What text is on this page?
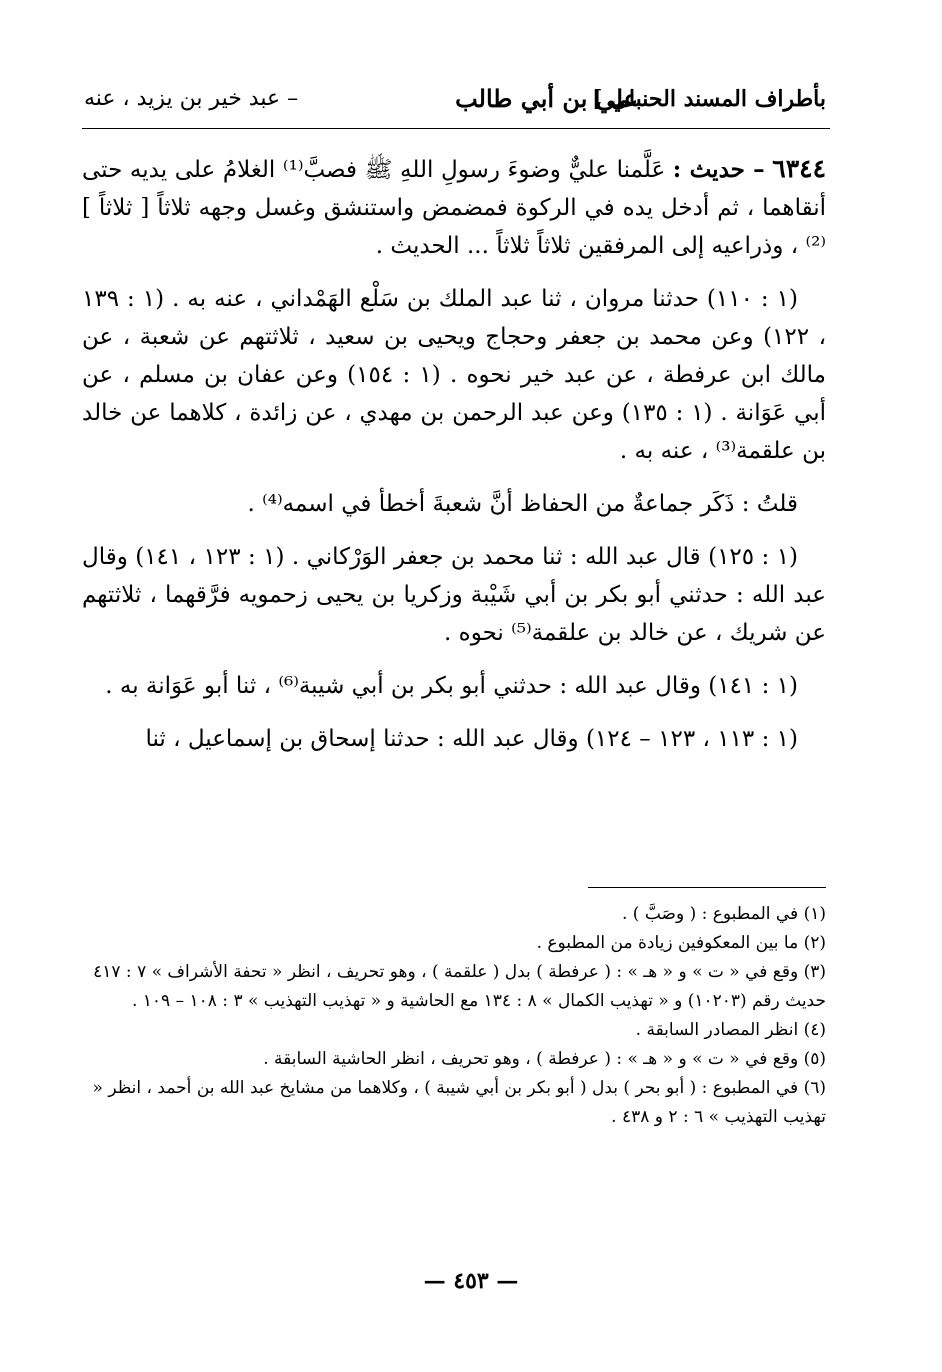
بأطراف المسند الحنبلي ]
علي بن أبي طالب
– عبد خير بن يزيد ، عنه

٦٣٤٤ – حديث : عَلَّمنا عليٌّ وضوءَ رسولِ اللهِ ﷺ فصبَّ⁽¹⁾ الغلامُ على يديه حتى أنقاهما ، ثم أدخل يده في الركوة فمضمض واستنشق وغسل وجهه ثلاثاً [ ثلاثاً ]⁽²⁾ ، وذراعيه إلى المرفقين ثلاثاً ثلاثاً ... الحديث .

(١ : ١١٠) حدثنا مروان ، ثنا عبد الملك بن سَلْع الهَمْداني ، عنه به . (١ : ١٣٩ ، ١٢٢) وعن محمد بن جعفر وحجاج ويحيى بن سعيد ، ثلاثتهم عن شعبة ، عن مالك ابن عرفطة ، عن عبد خير نحوه . (١ : ١٥٤) وعن عفان بن مسلم ، عن أبي عَوَانة . (١ : ١٣٥) وعن عبد الرحمن بن مهدي ، عن زائدة ، كلاهما عن خالد بن علقمة⁽³⁾ ، عنه به .

قلتُ : ذَكَر جماعةٌ من الحفاظ أنَّ شعبةَ أخطأ في اسمه⁽⁴⁾ .

(١ : ١٢٥) قال عبد الله : ثنا محمد بن جعفر الوَرْكاني . (١ : ١٢٣ ، ١٤١) وقال عبد الله : حدثني أبو بكر بن أبي شَيْبة وزكريا بن يحيى زحمويه فرَّقهما ، ثلاثتهم عن شريك ، عن خالد بن علقمة⁽⁵⁾ نحوه .

(١ : ١٤١) وقال عبد الله : حدثني أبو بكر بن أبي شيبة⁽⁶⁾ ، ثنا أبو عَوَانة به .

(١ : ١١٣ ، ١٢٣ – ١٢٤) وقال عبد الله : حدثنا إسحاق بن إسماعيل ، ثنا

(١) في المطبوع : ( وصَبَّ ) .

(٢) ما بين المعكوفين زيادة من المطبوع .

(٣) وقع في « ت » و « هـ » : ( عرفطة ) بدل ( علقمة ) ، وهو تحريف ، انظر « تحفة الأشراف » ٧ : ٤١٧ حديث رقم (١٠٢٠٣) و « تهذيب الكمال » ٨ : ١٣٤ مع الحاشية و « تهذيب التهذيب » ٣ : ١٠٨ – ١٠٩ .

(٤) انظر المصادر السابقة .

(٥) وقع في « ت » و « هـ » : ( عرفطة ) ، وهو تحريف ، انظر الحاشية السابقة .

(٦) في المطبوع : ( أبو بحر ) بدل ( أبو بكر بن أبي شيبة ) ، وكلاهما من مشايخ عبد الله بن أحمد ، انظر « تهذيب التهذيب » ٦ : ٢ و ٤٣٨ .

— ٤٥٣ —
